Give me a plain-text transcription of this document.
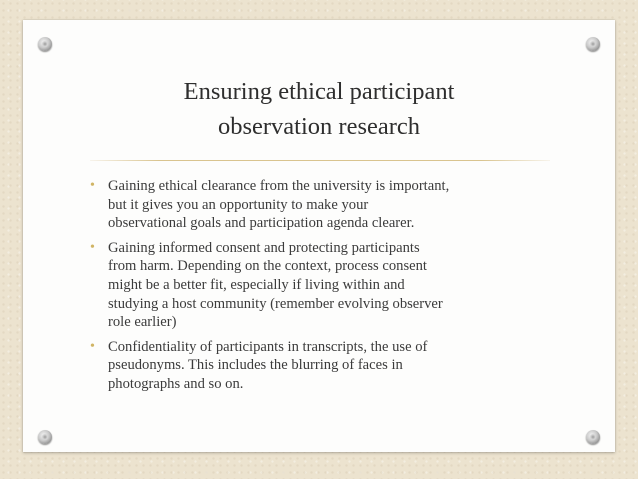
Ensuring ethical participant
observation research
• Gaining ethical clearance from the university is important,
but it gives you an opportunity to make your
observational goals and participation agenda clearer.
• Gaining informed consent and protecting participants
from harm. Depending on the context, process consent
might be a better fit, especially if living within and
studying a host community (remember evolving observer
role earlier)
• Confidentiality of participants in transcripts, the use of
pseudonyms. This includes the blurring of faces in
photographs and so on.
